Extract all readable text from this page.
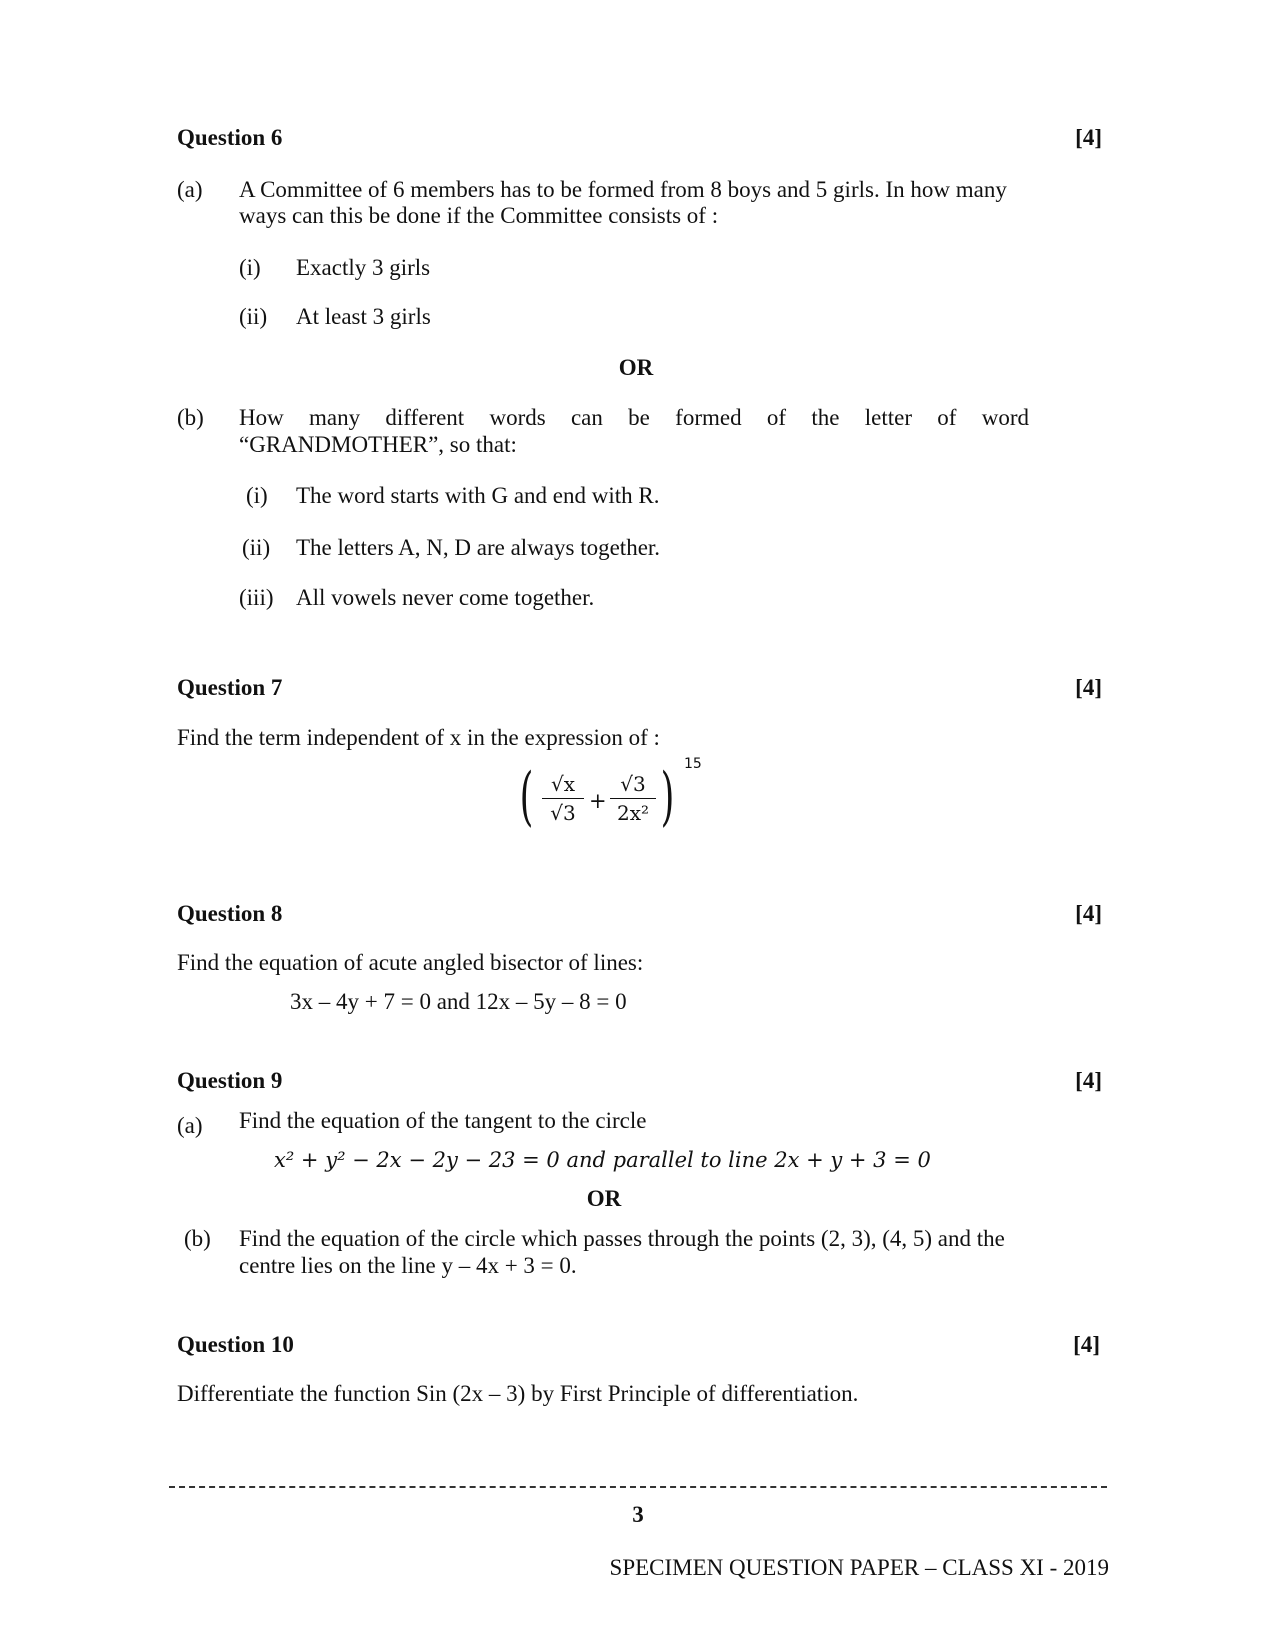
Question 6	[4]
(a) A Committee of 6 members has to be formed from 8 boys and 5 girls. In how many
ways can this be done if the Committee consists of :
(i) Exactly 3 girls
(ii) At least 3 girls
OR
(b) How many different words can be formed of the letter of word
“GRANDMOTHER”, so that:
(i) The word starts with G and end with R.
(ii) The letters A, N, D are always together.
(iii) All vowels never come together.
Question 7	[4]
Find the term independent of x in the expression of :
( $\frac{√x}{√3} + \frac{√3}{\text{2x²}}$ ) 15
Question 8	[4]
Find the equation of acute angled bisector of lines:
3x – 4y + 7 = 0 and 12x – 5y – 8 = 0
Question 9	[4]
(a) Find the equation of the tangent to the circle
x² + y² − 2x − 2y − 23 = 0 and parallel to line 2x + y + 3 = 0
OR
(b) Find the equation of the circle which passes through the points (2, 3), (4, 5) and the
centre lies on the line y – 4x + 3 = 0.
Question 10	[4]
Differentiate the function Sin (2x – 3) by First Principle of differentiation.
3
SPECIMEN QUESTION PAPER – CLASS XI - 2019
